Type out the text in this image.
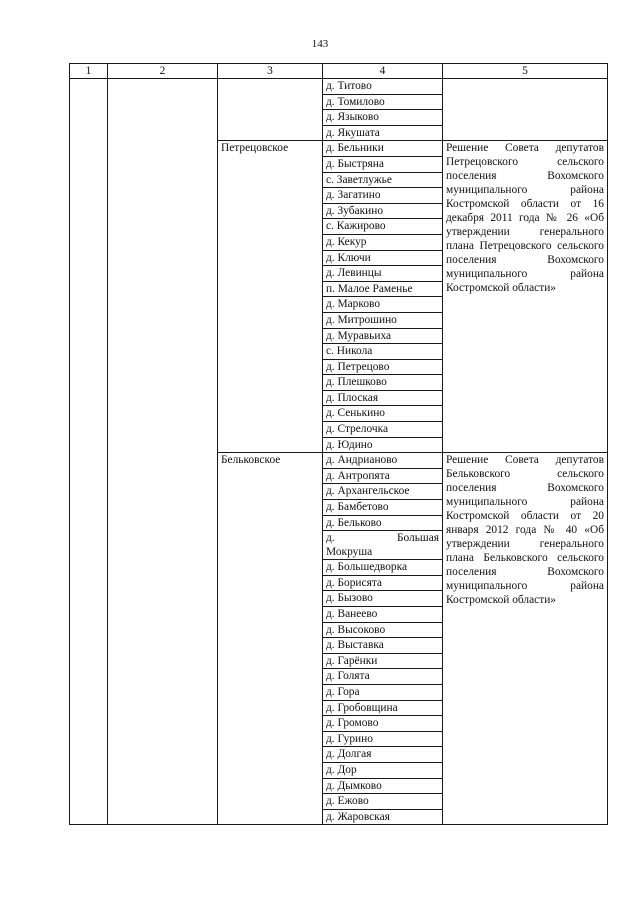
143
1	2	3	4	5
			д. Титово	
			д. Томилово	
			д. Языково	
			д. Якушата	
		Петрецовское	д. Бельники	Решение Совета депутатов Петрецовского сельского поселения Вохомского муниципального района Костромской области от 16 декабря 2011 года № 26 «Об утверждении генерального плана Петрецовского сельского поселения Вохомского муниципального района Костромской области»
			д. Быстряна	
			с. Заветлужье	
			д. Загатино	
			д. Зубакино	
			с. Кажирово	
			д. Кекур	
			д. Ключи	
			д. Левинцы	
			п. Малое Раменье	
			д. Марково	
			д. Митрошино	
			д. Муравьиха	
			с. Никола	
			д. Петрецово	
			д. Плешково	
			д. Плоская	
			д. Сенькино	
			д. Стрелочка	
			д. Юдино	
		Бельковское	д. Андрианово	Решение Совета депутатов Бельковского сельского поселения Вохомского муниципального района Костромской области от 20 января 2012 года № 40 «Об утверждении генерального плана Бельковского сельского поселения Вохомского муниципального района Костромской области»
			д. Антропята	
			д. Архангельское	
			д. Бамбетово	
			д. Бельково	

			д. Большая
Мокруша	

			д. Большедворка	
			д. Борисята	
			д. Бызово	
			д. Ванеево	
			д. Высоково	
			д. Выставка	
			д. Гарёнки	
			д. Голята	
			д. Гора	
			д. Гробовщина	
			д. Громово	
			д. Гурино	
			д. Долгая	
			д. Дор	
			д. Дымково	
			д. Ежово	
			д. Жаровская	
